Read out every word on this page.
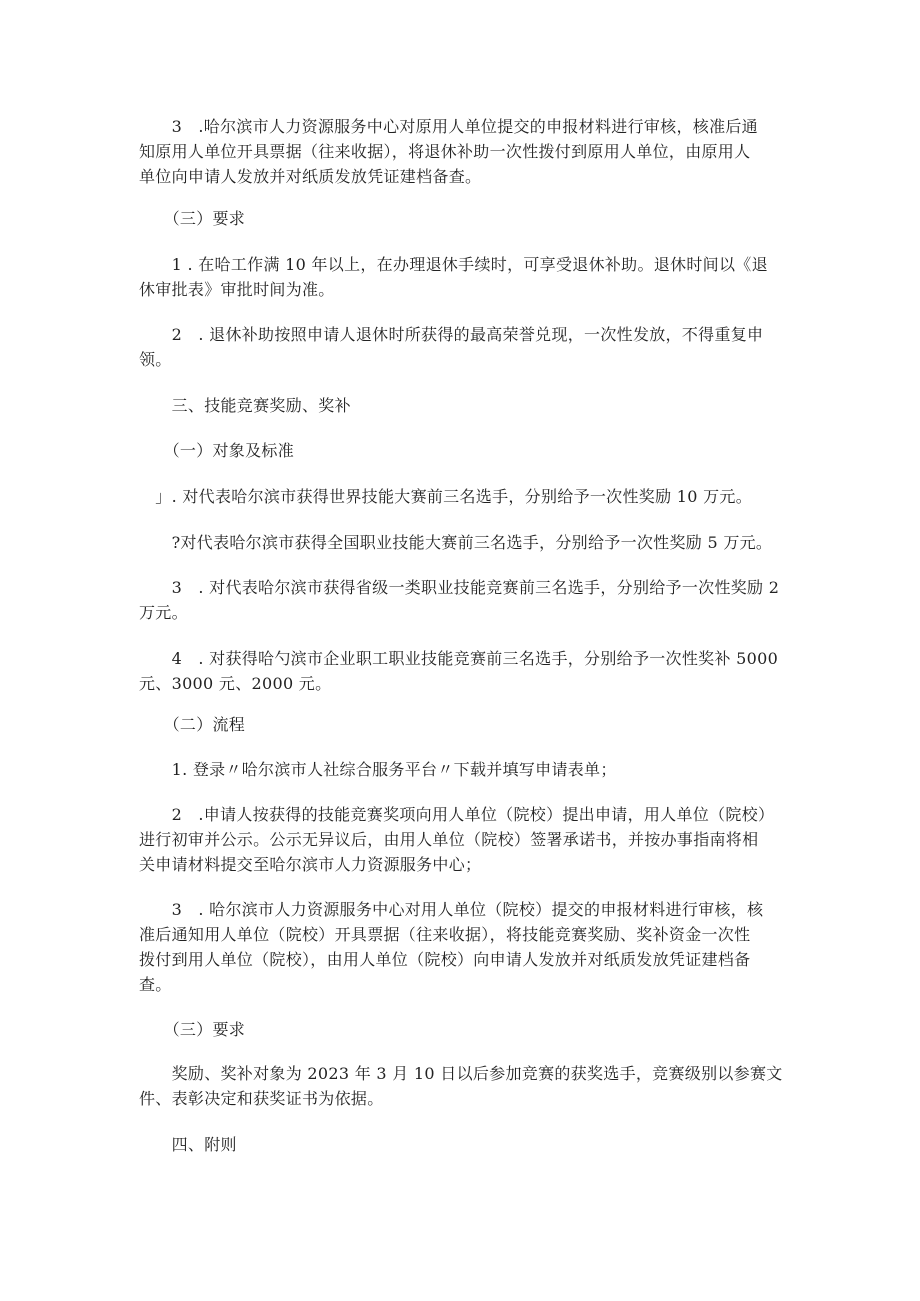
　　3　.哈尔滨市人力资源服务中心对原用人单位提交的申报材料进行审核，核准后通
知原用人单位开具票据（往来收据），将退休补助一次性拨付到原用人单位，由原用人
单位向申请人发放并对纸质发放凭证建档备查。
　　（三）要求
　　1 . 在哈工作满 10 年以上，在办理退休手续时，可享受退休补助。退休时间以《退
休审批表》审批时间为准。
　　2　. 退休补助按照申请人退休时所获得的最高荣誉兑现，一次性发放，不得重复申
领。
　　三、技能竞赛奖励、奖补
　　（一）对象及标准
　」. 对代表哈尔滨市获得世界技能大赛前三名选手，分别给予一次性奖励 10 万元。
　　?对代表哈尔滨市获得全国职业技能大赛前三名选手，分别给予一次性奖励 5 万元。
　　3　. 对代表哈尔滨市获得省级一类职业技能竞赛前三名选手，分别给予一次性奖励 2
万元。
　　4　. 对获得哈勺滨市企业职工职业技能竞赛前三名选手，分别给予一次性奖补 5000
元、3000 元、2000 元。
　　（二）流程
　　1. 登录〃哈尔滨市人社综合服务平台〃下载并填写申请表单；
　　2　.申请人按获得的技能竞赛奖项向用人单位（院校）提出申请，用人单位（院校）
进行初审并公示。公示无异议后，由用人单位（院校）签署承诺书，并按办事指南将相
关申请材料提交至哈尔滨市人力资源服务中心；
　　3　. 哈尔滨市人力资源服务中心对用人单位（院校）提交的申报材料进行审核，核
准后通知用人单位（院校）开具票据（往来收据），将技能竞赛奖励、奖补资金一次性
拨付到用人单位（院校），由用人单位（院校）向申请人发放并对纸质发放凭证建档备
查。
　　（三）要求
　　奖励、奖补对象为 2023 年 3 月 10 日以后参加竞赛的获奖选手，竞赛级别以参赛文
件、表彰决定和获奖证书为依据。
　　四、附则
